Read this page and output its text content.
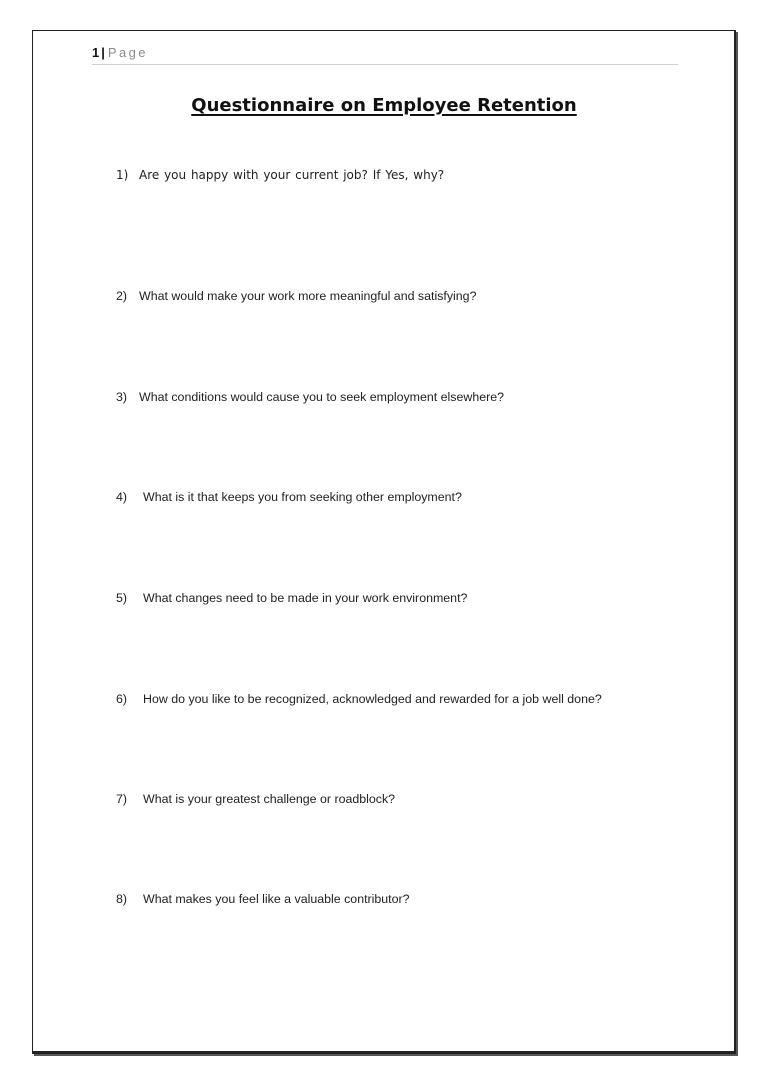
1 | Page
Questionnaire on Employee Retention
1) Are you happy with your current job? If Yes, why?
2) What would make your work more meaningful and satisfying?
3) What conditions would cause you to seek employment elsewhere?
4) What is it that keeps you from seeking other employment?
5) What changes need to be made in your work environment?
6) How do you like to be recognized, acknowledged and rewarded for a job well done?
7) What is your greatest challenge or roadblock?
8) What makes you feel like a valuable contributor?
